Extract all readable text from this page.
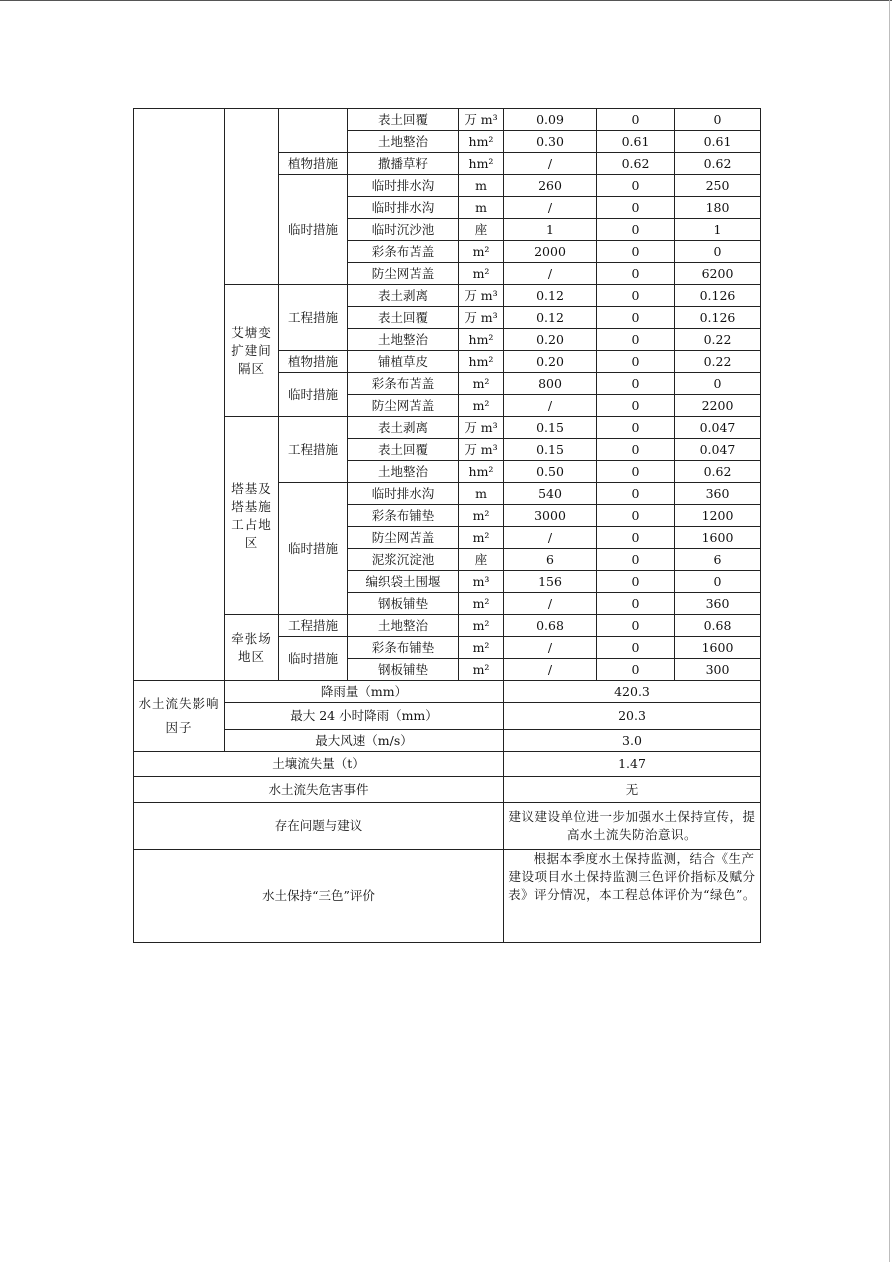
			表土回覆	万 m³	0.09	0	0
			土地整治	hm²	0.30	0.61	0.61
		植物措施	撒播草籽	hm²	/	0.62	0.62
		临时措施	临时排水沟	m	260	0	250
			临时排水沟	m	/	0	180
			临时沉沙池	座	1	0	1
			彩条布苫盖	m²	2000	0	0
			防尘网苫盖	m²	/	0	6200
	艾塘变扩建间隔区	工程措施	表土剥离	万 m³	0.12	0	0.126
			表土回覆	万 m³	0.12	0	0.126
			土地整治	hm²	0.20	0	0.22
		植物措施	铺植草皮	hm²	0.20	0	0.22
		临时措施	彩条布苫盖	m²	800	0	0
			防尘网苫盖	m²	/	0	2200
	塔基及塔基施工占地区	工程措施	表土剥离	万 m³	0.15	0	0.047
			表土回覆	万 m³	0.15	0	0.047
			土地整治	hm²	0.50	0	0.62
		临时措施	临时排水沟	m	540	0	360
			彩条布铺垫	m²	3000	0	1200
			防尘网苫盖	m²	/	0	1600
			泥浆沉淀池	座	6	0	6
			编织袋土围堰	m³	156	0	0
			钢板铺垫	m²	/	0	360
	牵张场地区	工程措施	土地整治	m²	0.68	0	0.68
		临时措施	彩条布铺垫	m²	/	0	1600
			钢板铺垫	m²	/	0	300
水土流失影响因子	降雨量（mm）				420.3		
	最大 24 小时降雨（mm）				20.3		
	最大风速（m/s）				3.0		
土壤流失量（t）					1.47		
水土流失危害事件					无		
存在问题与建议					建议建设单位进一步加强水土保持宣传，提高水土流失防治意识。		
水土保持“三色”评价					根据本季度水土保持监测，结合《生产建设项目水土保持监测三色评价指标及赋分表》评分情况，本工程总体评价为“绿色”。		
